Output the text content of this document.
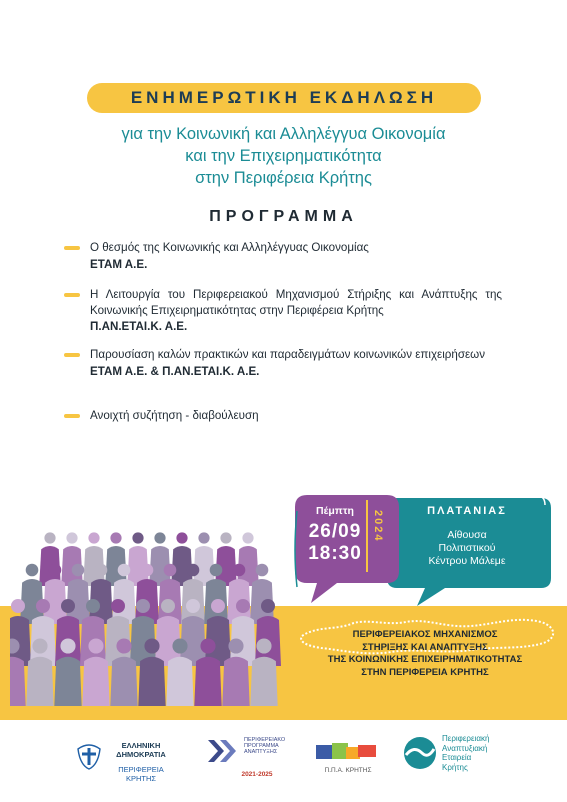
ΕΝΗΜΕΡΩΤΙΚΗ ΕΚΔΗΛΩΣΗ
για την Κοινωνική και Αλληλέγγυα Οικονομία
και την Επιχειρηματικότητα
στην Περιφέρεια Κρήτης
ΠΡΟΓΡΑΜΜΑ
Ο θεσμός της Κοινωνικής και Αλληλέγγυας Οικονομίας
ΕΤΑΜ Α.Ε.
Η Λειτουργία του Περιφερειακού Μηχανισμού Στήριξης και Ανάπτυξης της Κοινωνικής Επιχειρηματικότητας στην Περιφέρεια Κρήτης
Π.ΑΝ.ΕΤΑΙ.Κ. Α.Ε.
Παρουσίαση καλών πρακτικών και παραδειγμάτων κοινωνικών επιχειρήσεων
ΕΤΑΜ Α.Ε. & Π.ΑΝ.ΕΤΑΙ.Κ. Α.Ε.
Ανοιχτή συζήτηση - διαβούλευση
ΠΕΡΙΦΕΡΕΙΑΚΟΣ ΜΗΧΑΝΙΣΜΟΣ
ΣΤΗΡΙΞΗΣ ΚΑΙ ΑΝΑΠΤΥΞΗΣ
ΤΗΣ ΚΟΙΝΩΝΙΚΗΣ ΕΠΙΧΕΙΡΗΜΑΤΙΚΟΤΗΤΑΣ
ΣΤΗΝ ΠΕΡΙΦΕΡΕΙΑ ΚΡΗΤΗΣ
ΠΛΑΤΑΝΙΑΣ
Αίθουσα
Πολιτιστικού
Κέντρου Μάλεμε
Πέμπτη
26/09
18:30
2024
ΕΛΛΗΝΙΚΗ
ΔΗΜΟΚΡΑΤΙΑ
ΠΕΡΙΦΕΡΕΙΑ ΚΡΗΤΗΣ
ΠΕΡΙΦΕΡΕΙΑΚΟ
ΠΡΟΓΡΑΜΜΑ
ΑΝΑΠΤΥΞΗΣ
2021-2025
Π.Π.Α. ΚΡΗΤΗΣ
Περιφερειακή
Αναπτυξιακή
Εταιρεία
Κρήτης
